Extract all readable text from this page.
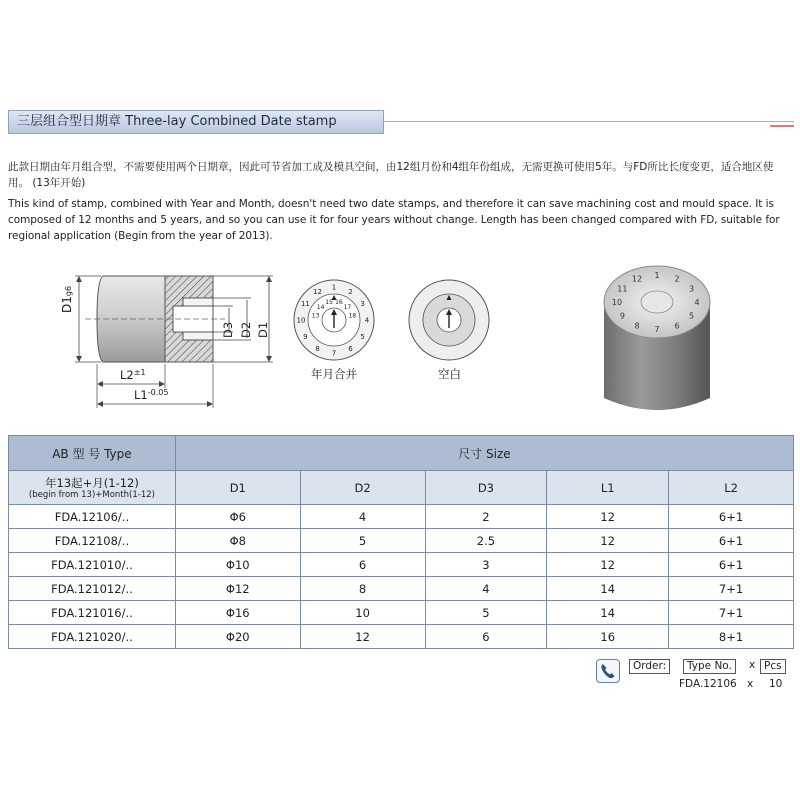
三层组合型日期章 Three-lay Combined Date stamp
此款日期由年月组合型，不需要使用两个日期章，因此可节省加工成及模具空间，由12组月份和4组年份组成，无需更换可使用5年。与FD所比长度变更，适合地区使用。 (13年开始)
This kind of stamp, combined with Year and Month, doesn't need two date stamps, and therefore it can save machining cost and mould space. It is composed of 12 months and 5 years, and so you can use it for four years without change. Length has been changed compared with FD, suitable for regional application (Begin from the year of 2013).
D1g6
D3 D2 D1
$L2^{\pm 1}$
$L1^{-0.05}$
1
2
3
4
5
6
7
8
9
10
11
12
13
14
15 16
17
18
年月合并	空白
1 2
3
4
5
6
7
8
9
10
11
12
AB 型 号 Type	尺寸 Size				
年13起+月(1-12)
(begin from 13)+Month(1-12)	D1	D2	D3	L1	L2
FDA.12106/..	Φ6	4	2	12	6+1
FDA.12108/..	Φ8	5	2.5	12	6+1
FDA.121010/..	Φ10	6	3	12	6+1
FDA.121012/..	Φ12	8	4	14	7+1
FDA.121016/..	Φ16	10	5	14	7+1
FDA.121020/..	Φ20	12	6	16	8+1
Order:	Type No.	x Pcs
FDA.12106 x 10
